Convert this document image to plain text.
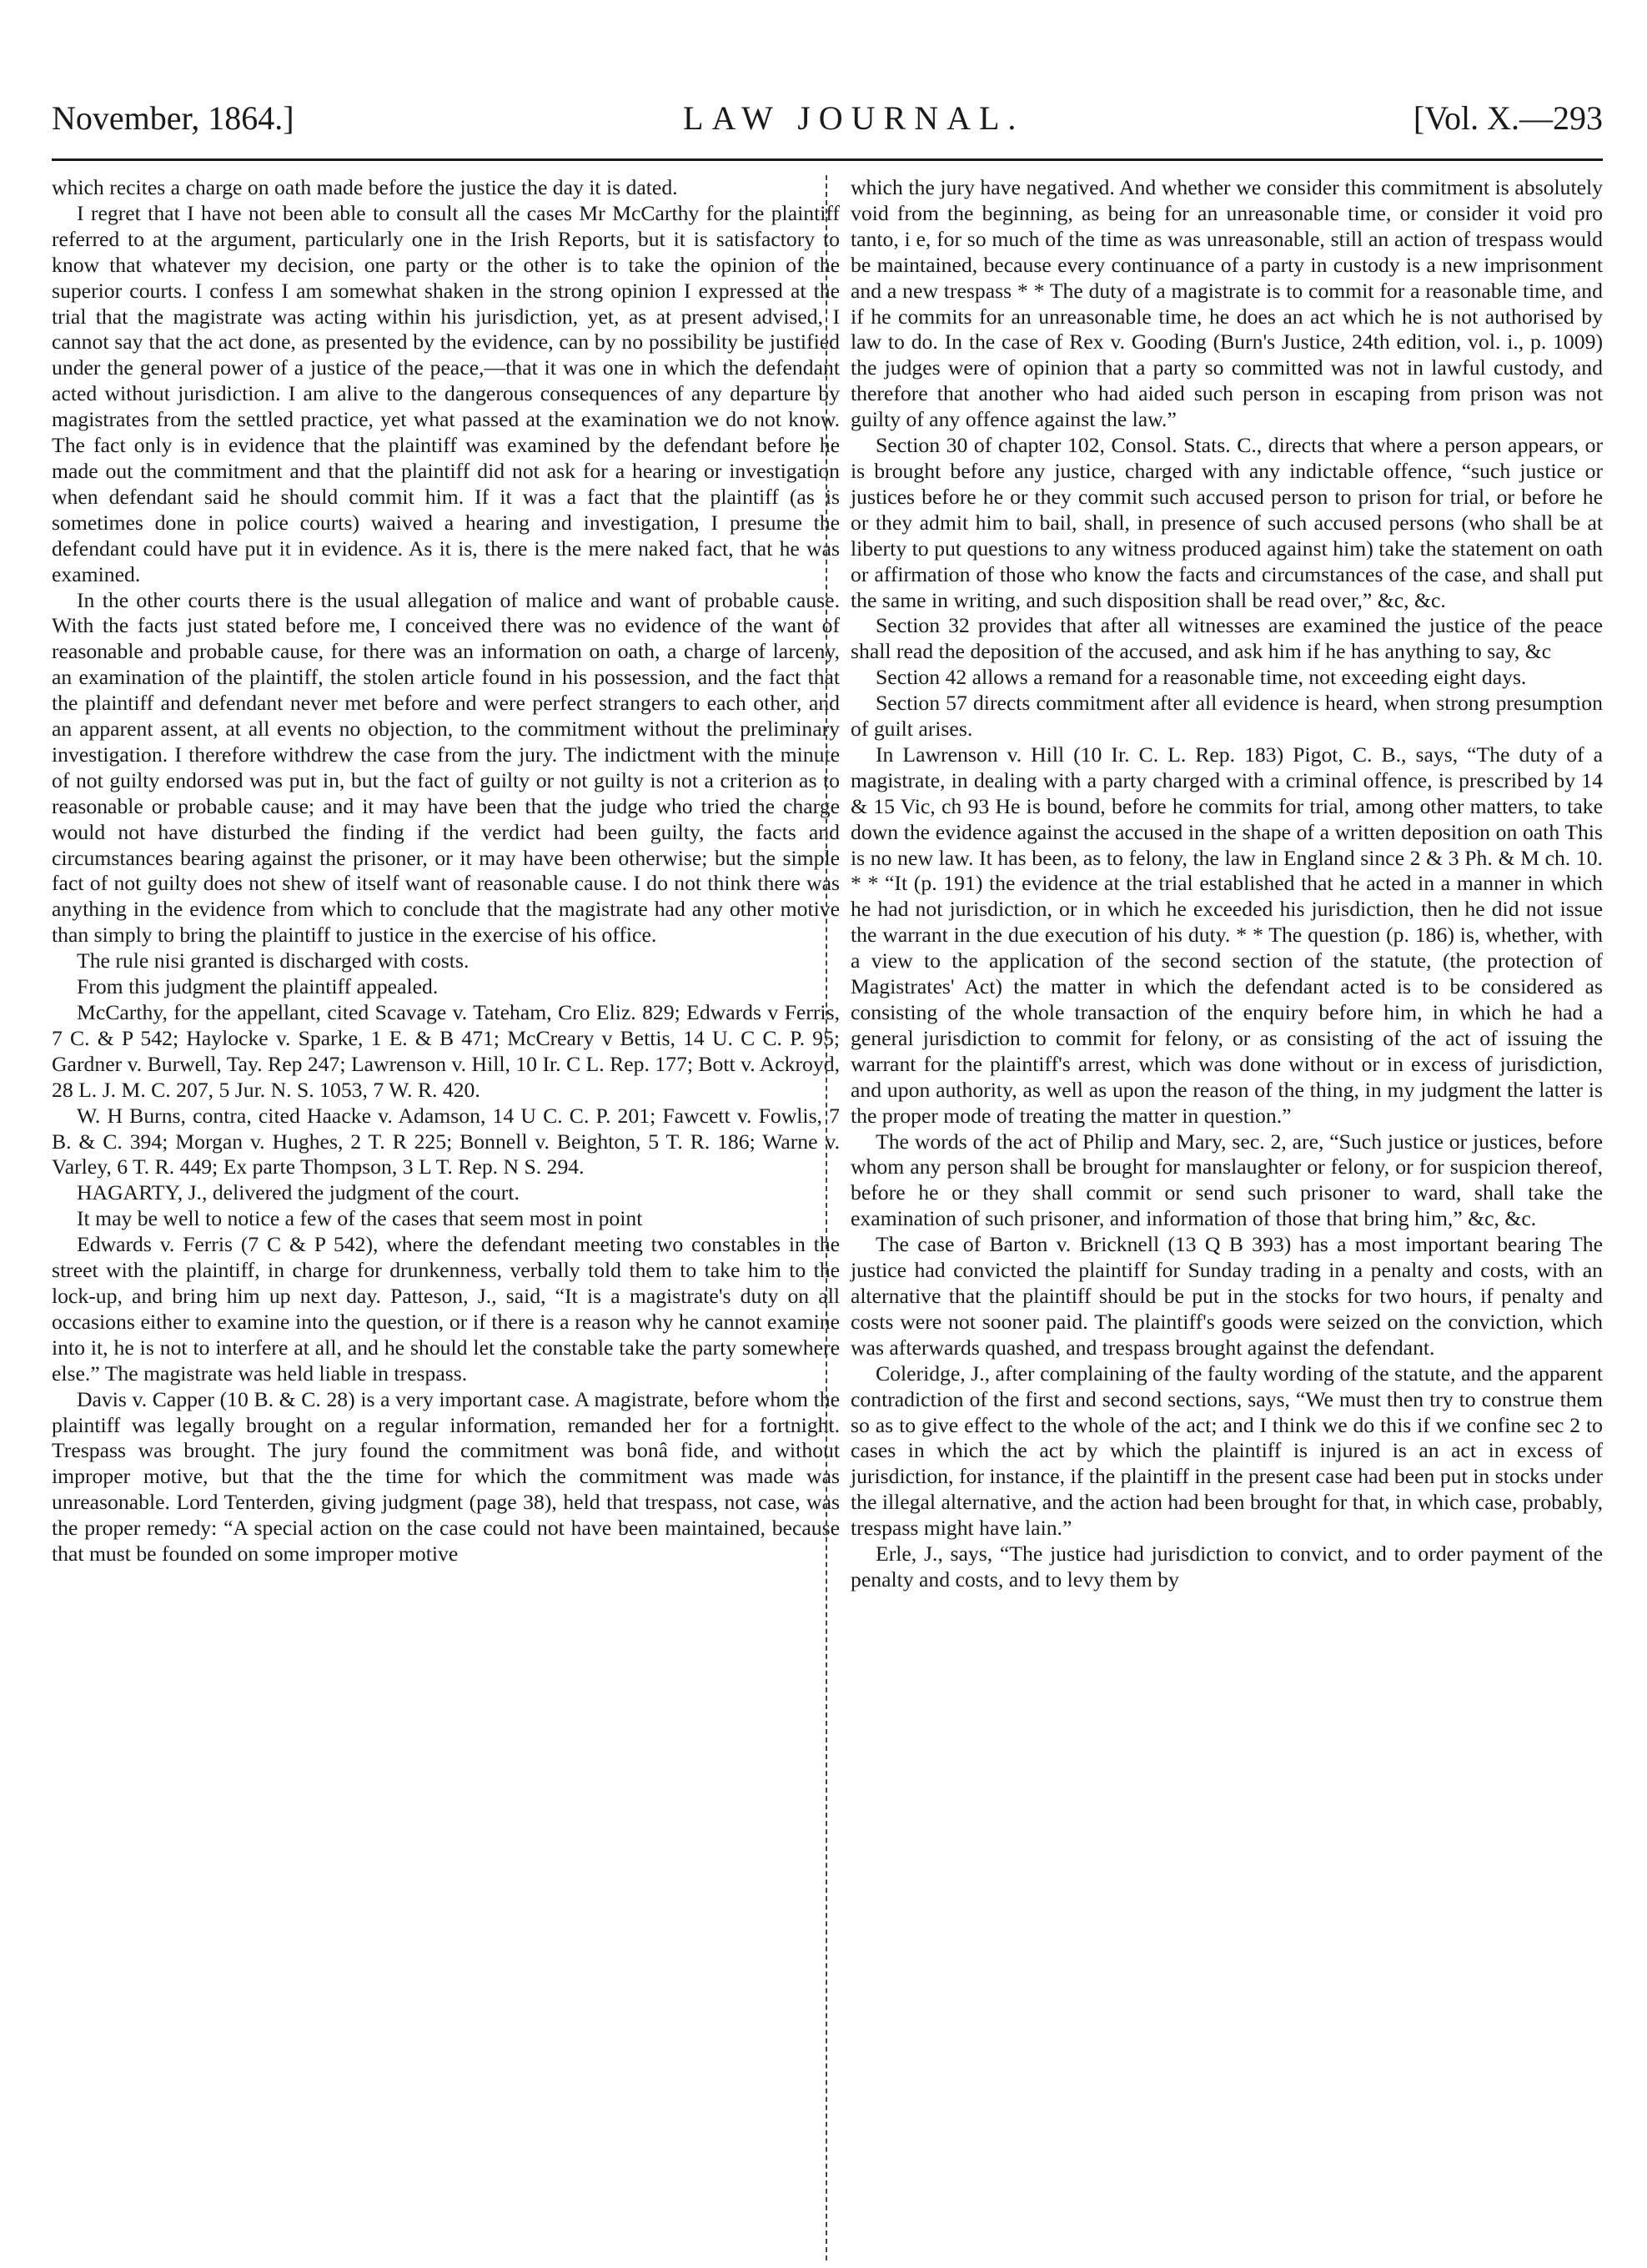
November, 1864.]	LAW JOURNAL.	[Vol. X.—293

which recites a charge on oath made before the justice the day it is dated.

I regret that I have not been able to consult all the cases Mr McCarthy for the plaintiff referred to at the argument, particularly one in the Irish Reports, but it is satisfactory to know that whatever my decision, one party or the other is to take the opinion of the superior courts. I confess I am somewhat shaken in the strong opinion I expressed at the trial that the magistrate was acting within his jurisdiction, yet, as at present advised, I cannot say that the act done, as presented by the evidence, can by no possibility be justified under the general power of a justice of the peace,—that it was one in which the defendant acted without jurisdiction. I am alive to the dangerous consequences of any departure by magistrates from the settled practice, yet what passed at the examination we do not know. The fact only is in evidence that the plaintiff was examined by the defendant before he made out the commitment and that the plaintiff did not ask for a hearing or investigation when defendant said he should commit him. If it was a fact that the plaintiff (as is sometimes done in police courts) waived a hearing and investigation, I presume the defendant could have put it in evidence. As it is, there is the mere naked fact, that he was examined.

In the other courts there is the usual allegation of malice and want of probable cause. With the facts just stated before me, I conceived there was no evidence of the want of reasonable and probable cause, for there was an information on oath, a charge of larceny, an examination of the plaintiff, the stolen article found in his possession, and the fact that the plaintiff and defendant never met before and were perfect strangers to each other, and an apparent assent, at all events no objection, to the commitment without the preliminary investigation. I therefore withdrew the case from the jury. The indictment with the minute of not guilty endorsed was put in, but the fact of guilty or not guilty is not a criterion as to reasonable or probable cause; and it may have been that the judge who tried the charge would not have disturbed the finding if the verdict had been guilty, the facts and circumstances bearing against the prisoner, or it may have been otherwise; but the simple fact of not guilty does not shew of itself want of reasonable cause. I do not think there was anything in the evidence from which to conclude that the magistrate had any other motive than simply to bring the plaintiff to justice in the exercise of his office.

The rule nisi granted is discharged with costs.

From this judgment the plaintiff appealed.

McCarthy, for the appellant, cited Scavage v. Tateham, Cro Eliz. 829; Edwards v Ferris, 7 C. & P 542; Haylocke v. Sparke, 1 E. & B 471; McCreary v Bettis, 14 U. C C. P. 95; Gardner v. Burwell, Tay. Rep 247; Lawrenson v. Hill, 10 Ir. C L. Rep. 177; Bott v. Ackroyd, 28 L. J. M. C. 207, 5 Jur. N. S. 1053, 7 W. R. 420.

W. H Burns, contra, cited Haacke v. Adamson, 14 U C. C. P. 201; Fawcett v. Fowlis, 7 B. & C. 394; Morgan v. Hughes, 2 T. R 225; Bonnell v. Beighton, 5 T. R. 186; Warne v. Varley, 6 T. R. 449; Ex parte Thompson, 3 L T. Rep. N S. 294.

HAGARTY, J., delivered the judgment of the court.

It may be well to notice a few of the cases that seem most in point

Edwards v. Ferris (7 C & P 542), where the defendant meeting two constables in the street with the plaintiff, in charge for drunkenness, verbally told them to take him to the lock-up, and bring him up next day. Patteson, J., said, “It is a magistrate's duty on all occasions either to examine into the question, or if there is a reason why he cannot examine into it, he is not to interfere at all, and he should let the constable take the party somewhere else.” The magistrate was held liable in trespass.

Davis v. Capper (10 B. & C. 28) is a very important case. A magistrate, before whom the plaintiff was legally brought on a regular information, remanded her for a fortnight. Trespass was brought. The jury found the commitment was bonâ fide, and without improper motive, but that the the time for which the commitment was made was unreasonable. Lord Tenterden, giving judgment (page 38), held that trespass, not case, was the proper remedy: “A special action on the case could not have been maintained, because that must be founded on some improper motive

which the jury have negatived. And whether we consider this commitment is absolutely void from the beginning, as being for an unreasonable time, or consider it void pro tanto, i e, for so much of the time as was unreasonable, still an action of trespass would be maintained, because every continuance of a party in custody is a new imprisonment and a new trespass * * The duty of a magistrate is to commit for a reasonable time, and if he commits for an unreasonable time, he does an act which he is not authorised by law to do. In the case of Rex v. Gooding (Burn's Justice, 24th edition, vol. i., p. 1009) the judges were of opinion that a party so committed was not in lawful custody, and therefore that another who had aided such person in escaping from prison was not guilty of any offence against the law.”

Section 30 of chapter 102, Consol. Stats. C., directs that where a person appears, or is brought before any justice, charged with any indictable offence, “such justice or justices before he or they commit such accused person to prison for trial, or before he or they admit him to bail, shall, in presence of such accused persons (who shall be at liberty to put questions to any witness produced against him) take the statement on oath or affirmation of those who know the facts and circumstances of the case, and shall put the same in writing, and such disposition shall be read over,” &c, &c.

Section 32 provides that after all witnesses are examined the justice of the peace shall read the deposition of the accused, and ask him if he has anything to say, &c

Section 42 allows a remand for a reasonable time, not exceeding eight days.

Section 57 directs commitment after all evidence is heard, when strong presumption of guilt arises.

In Lawrenson v. Hill (10 Ir. C. L. Rep. 183) Pigot, C. B., says, “The duty of a magistrate, in dealing with a party charged with a criminal offence, is prescribed by 14 & 15 Vic, ch 93 He is bound, before he commits for trial, among other matters, to take down the evidence against the accused in the shape of a written deposition on oath This is no new law. It has been, as to felony, the law in England since 2 & 3 Ph. & M ch. 10. * * “It (p. 191) the evidence at the trial established that he acted in a manner in which he had not jurisdiction, or in which he exceeded his jurisdiction, then he did not issue the warrant in the due execution of his duty. * * The question (p. 186) is, whether, with a view to the application of the second section of the statute, (the protection of Magistrates' Act) the matter in which the defendant acted is to be considered as consisting of the whole transaction of the enquiry before him, in which he had a general jurisdiction to commit for felony, or as consisting of the act of issuing the warrant for the plaintiff's arrest, which was done without or in excess of jurisdiction, and upon authority, as well as upon the reason of the thing, in my judgment the latter is the proper mode of treating the matter in question.”

The words of the act of Philip and Mary, sec. 2, are, “Such justice or justices, before whom any person shall be brought for manslaughter or felony, or for suspicion thereof, before he or they shall commit or send such prisoner to ward, shall take the examination of such prisoner, and information of those that bring him,” &c, &c.

The case of Barton v. Bricknell (13 Q B 393) has a most important bearing The justice had convicted the plaintiff for Sunday trading in a penalty and costs, with an alternative that the plaintiff should be put in the stocks for two hours, if penalty and costs were not sooner paid. The plaintiff's goods were seized on the conviction, which was afterwards quashed, and trespass brought against the defendant.

Coleridge, J., after complaining of the faulty wording of the statute, and the apparent contradiction of the first and second sections, says, “We must then try to construe them so as to give effect to the whole of the act; and I think we do this if we confine sec 2 to cases in which the act by which the plaintiff is injured is an act in excess of jurisdiction, for instance, if the plaintiff in the present case had been put in stocks under the illegal alternative, and the action had been brought for that, in which case, probably, trespass might have lain.”

Erle, J., says, “The justice had jurisdiction to convict, and to order payment of the penalty and costs, and to levy them by
